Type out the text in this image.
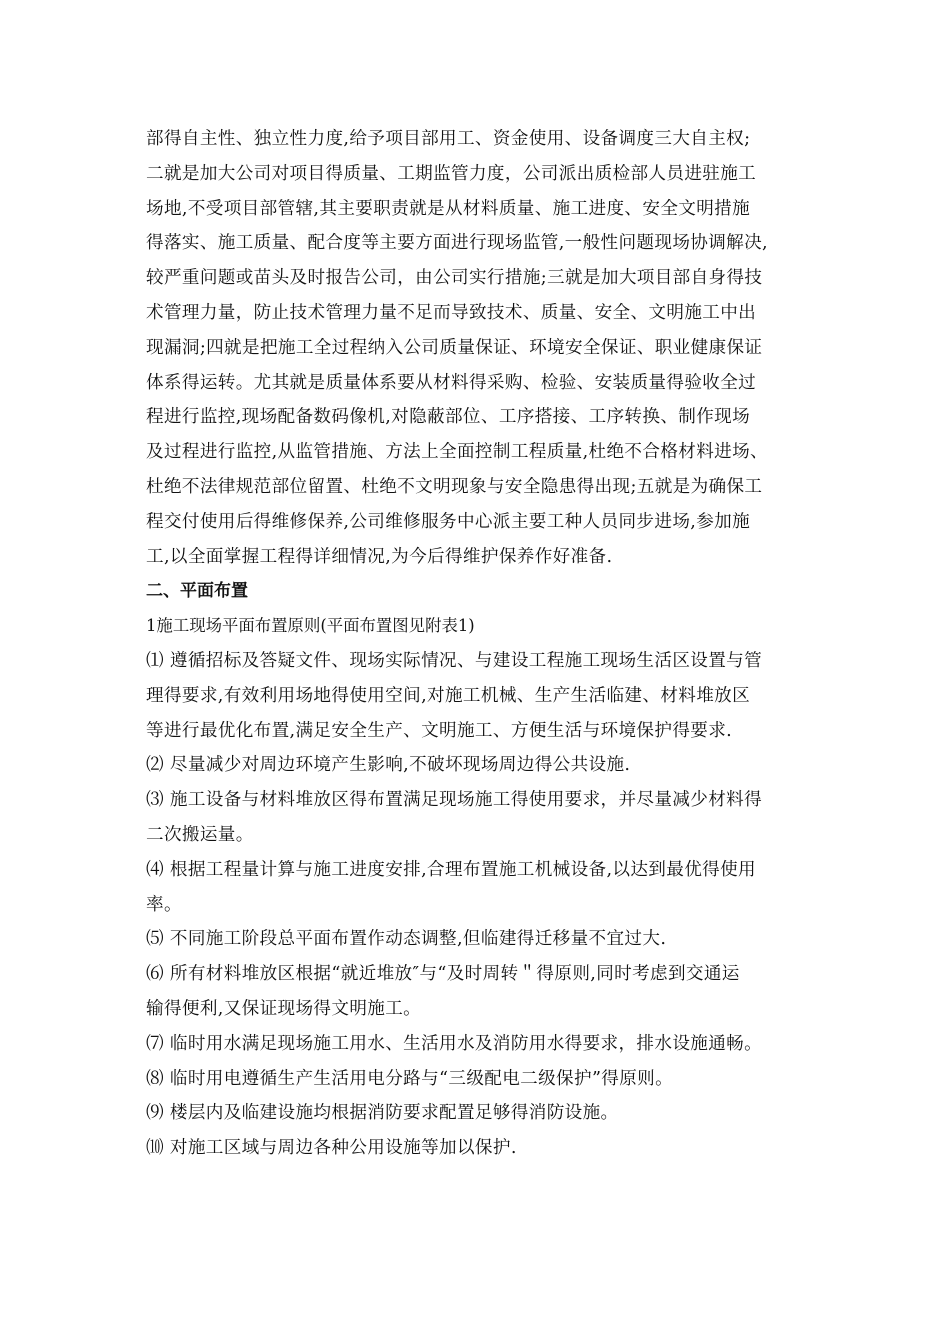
部得自主性、独立性力度,给予项目部用工、资金使用、设备调度三大自主权;
二就是加大公司对项目得质量、工期监管力度，公司派出质检部人员进驻施工
场地,不受项目部管辖,其主要职责就是从材料质量、施工进度、安全文明措施
得落实、施工质量、配合度等主要方面进行现场监管,一般性问题现场协调解决,
较严重问题或苗头及时报告公司，由公司实行措施;三就是加大项目部自身得技
术管理力量，防止技术管理力量不足而导致技术、质量、安全、文明施工中出
现漏洞;四就是把施工全过程纳入公司质量保证、环境安全保证、职业健康保证
体系得运转。尤其就是质量体系要从材料得采购、检验、安装质量得验收全过
程进行监控,现场配备数码像机,对隐蔽部位、工序搭接、工序转换、制作现场
及过程进行监控,从监管措施、方法上全面控制工程质量,杜绝不合格材料进场、
杜绝不法律规范部位留置、杜绝不文明现象与安全隐患得出现;五就是为确保工
程交付使用后得维修保养,公司维修服务中心派主要工种人员同步进场,参加施
工,以全面掌握工程得详细情况,为今后得维护保养作好准备.
二、平面布置
1施工现场平面布置原则(平面布置图见附表1)
⑴ 遵循招标及答疑文件、现场实际情况、与建设工程施工现场生活区设置与管
理得要求,有效利用场地得使用空间,对施工机械、生产生活临建、材料堆放区
等进行最优化布置,满足安全生产、文明施工、方便生活与环境保护得要求.
⑵ 尽量减少对周边环境产生影响,不破坏现场周边得公共设施.
⑶ 施工设备与材料堆放区得布置满足现场施工得使用要求，并尽量减少材料得
二次搬运量。
⑷ 根据工程量计算与施工进度安排,合理布置施工机械设备,以达到最优得使用
率。
⑸ 不同施工阶段总平面布置作动态调整,但临建得迁移量不宜过大.
⑹ 所有材料堆放区根据“就近堆放″与“及时周转＂得原则,同时考虑到交通运
输得便利,又保证现场得文明施工。
⑺ 临时用水满足现场施工用水、生活用水及消防用水得要求，排水设施通畅。
⑻ 临时用电遵循生产生活用电分路与“三级配电二级保护”得原则。
⑼ 楼层内及临建设施均根据消防要求配置足够得消防设施。
⑽ 对施工区域与周边各种公用设施等加以保护.
